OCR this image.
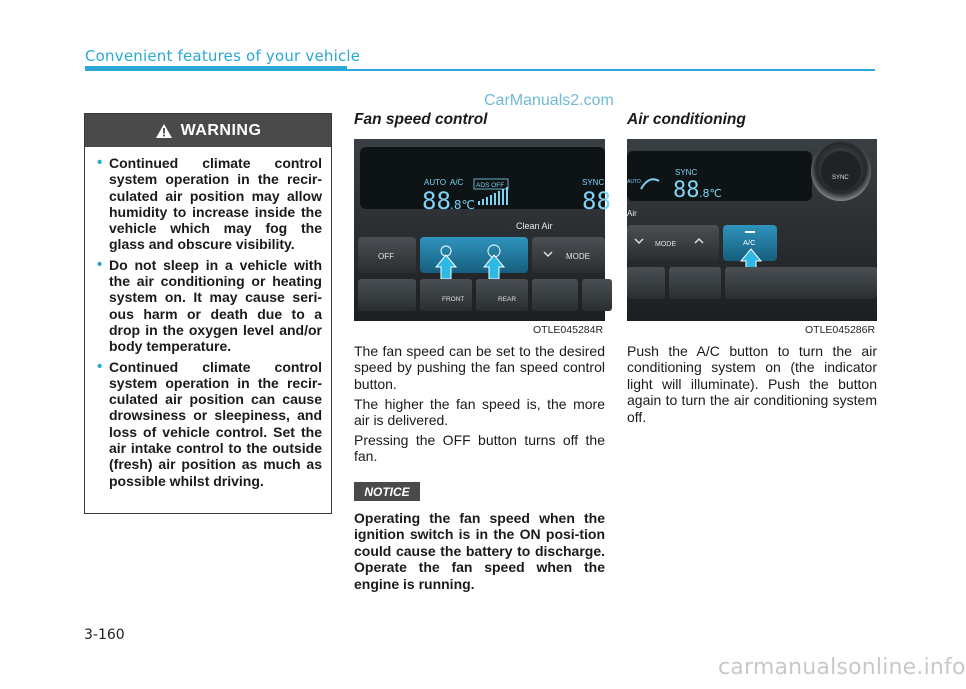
Convenient features of your vehicle
CarManuals2.com
WARNING
• Continued climate control system operation in the recir-culated air position may allow humidity to increase inside the vehicle which may fog the glass and obscure visibility.
• Do not sleep in a vehicle with the air conditioning or heating system on. It may cause seri-ous harm or death due to a drop in the oxygen level and/or body temperature.
• Continued climate control system operation in the recir-culated air position can cause drowsiness or sleepiness, and loss of vehicle control. Set the air intake control to the outside (fresh) air position as much as possible whilst driving.
Fan speed control
AUTO A/C
88 .8℃
ADS OFF	SYNC
88
Clean Air
OFF	MODE
FRONT	REAR
OTLE045284R
The fan speed can be set to the desired speed by pushing the fan speed control button.
The higher the fan speed is, the more air is delivered.
Pressing the OFF button turns off the fan.
NOTICE
Operating the fan speed when the ignition switch is in the ON posi-tion could cause the battery to discharge. Operate the fan speed when the engine is running.
Air conditioning
SYNC
AUTO 88 .8℃
Air
SYNC
MODE	A/C
OTLE045286R
Push the A/C button to turn the air conditioning system on (the indicator light will illuminate). Push the button again to turn the air conditioning system off.
3-160
carmanualsonline.info
